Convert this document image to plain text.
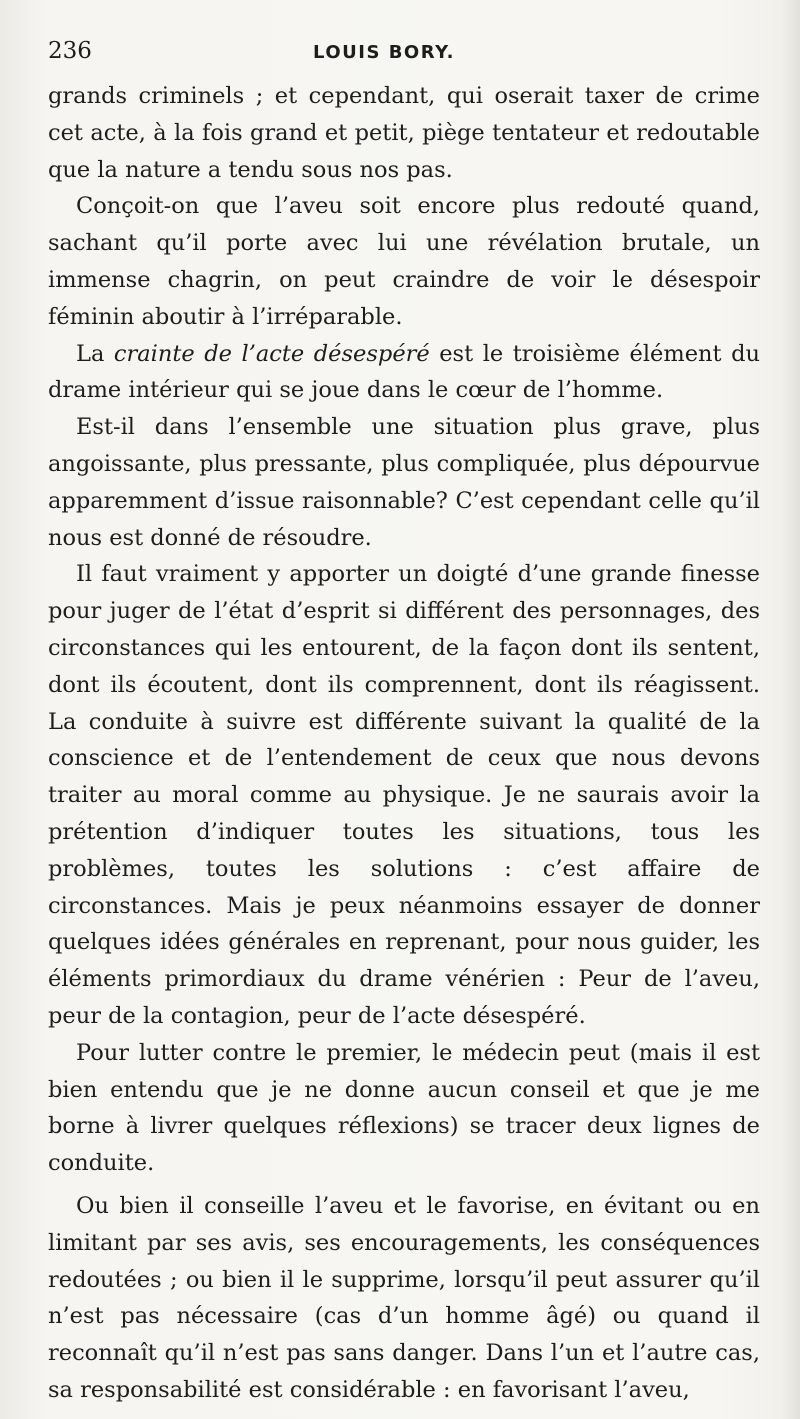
236	LOUIS BORY.

grands criminels ; et cependant, qui oserait taxer de crime cet acte, à la fois grand et petit, piège tentateur et redoutable que la nature a tendu sous nos pas.

Conçoit-on que l’aveu soit encore plus redouté quand, sachant qu’il porte avec lui une révélation brutale, un immense chagrin, on peut craindre de voir le désespoir féminin aboutir à l’irréparable.

La crainte de l’acte désespéré est le troisième élément du drame intérieur qui se joue dans le cœur de l’homme.

Est-il dans l’ensemble une situation plus grave, plus angoissante, plus pressante, plus compliquée, plus dépourvue apparemment d’issue raisonnable? C’est cependant celle qu’il nous est donné de résoudre.

Il faut vraiment y apporter un doigté d’une grande finesse pour juger de l’état d’esprit si différent des personnages, des circonstances qui les entourent, de la façon dont ils sentent, dont ils écoutent, dont ils comprennent, dont ils réagissent. La conduite à suivre est différente suivant la qualité de la conscience et de l’entendement de ceux que nous devons traiter au moral comme au physique. Je ne saurais avoir la prétention d’indiquer toutes les situations, tous les problèmes, toutes les solutions : c’est affaire de circonstances. Mais je peux néanmoins essayer de donner quelques idées générales en reprenant, pour nous guider, les éléments primordiaux du drame vénérien : Peur de l’aveu, peur de la contagion, peur de l’acte désespéré.

Pour lutter contre le premier, le médecin peut (mais il est bien entendu que je ne donne aucun conseil et que je me borne à livrer quelques réflexions) se tracer deux lignes de conduite.

Ou bien il conseille l’aveu et le favorise, en évitant ou en limitant par ses avis, ses encouragements, les conséquences redoutées ; ou bien il le supprime, lorsqu’il peut assurer qu’il n’est pas nécessaire (cas d’un homme âgé) ou quand il reconnaît qu’il n’est pas sans danger. Dans l’un et l’autre cas, sa responsabilité est considérable : en favorisant l’aveu,
